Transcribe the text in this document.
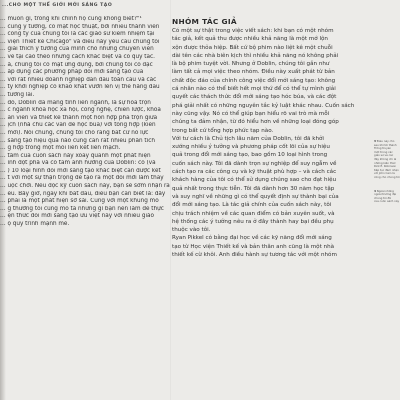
...CHO MỘT THẾ GIỚI MỚI SÁNG TẠO
… muốn gì, trong khi chính họ cũng không biết?"¹
… cũng ý tưởng, cô mặt học thuật, bởi nhiều thành viên
… công ty của chúng tôi là các giáo sư kiêm nhiệm tại
… viện Thiết kế Chicago" và điều này yêu cầu chúng tôi
… giải thích ý tưởng của mình cho những chuyên viên
… về tại cao theo những cách khác biệt và có quy tắc.
… á, chúng tôi có mặt ứng dụng, bởi chúng tôi có đặc
… áp dụng các phương pháp đổi mới sáng tạo của
… với rất nhiều doanh nghiệp dẫn đầu toàn cầu và các
… ty khởi nghiệp có khao khát vươn lên vị thế hàng đầu
… tương lai.
… đó, Doblin đã mang tính liên ngành, là sự hòa trộn
… c ngành khoa học xã hội, công nghệ, chiến lược, khoa
… ản viên và thiết kế thành một hỗn hợp pha trộn giữa
… ịch (nhà chủ các vấn đề học bủa) với tổng hợp (kiến
… mới). Nói chung, chúng tôi cho rằng bất cứ nỗ lực
… sáng tạo hiệu quả nào cũng cần rất nhiều phân tích
… g hợp trong một mối liên kết liên mạch.
… tâm của cuốn sách này xoay quanh một phát hiện
… ính đột phá và có tầm ảnh hưởng của Doblin: có (và
… ) 10 loại hình đổi mới sáng tạo khác biệt cần được kết
… t với một sự thận trọng để tạo ra một đổi mới làm thay
… uộc chơi. Nếu đọc kỹ cuốn sách này, bạn sẽ sớm nhận ra
… ều. Bây giờ, ngay khi bắt đầu, điều bạn cần biết là: đây
… phải là một phát hiện sơ sài. Cũng với một khung mô
… g thường tồi cùng mô tả những gì bạn nên làm để thực
… ện thức đổi mới sáng tạo ưu việt này với nhiều giáo
… ộ quy trình mạnh mẽ.
NHÓM TÁC GIẢ
Có một sự thật trong việc viết sách: khi bạn có một nhóm
tác giả, kết quả thu được nhiều khả năng là một mớ lộn
xộn được thỏa hiệp. Bất cứ bộ phim nào liệt kê một chuỗi
dài tên các nhà biên kịch thì nhiều khả năng nó không phải
là bộ phim tuyệt vời. Nhưng ở Doblin, chúng tôi gắn như
làm tất cả mọi việc theo nhóm. Điều này xuất phát từ bản
chất độc đáo của chính công việc đổi mới sáng tạo: không
cá nhân nào có thể biết hết mọi thứ để có thể tự mình giải
quyết các thách thức đổi mới sáng tạo hóc búa, và các đột
phá giải nhất có những nguyên tắc kỷ luật khác nhau. Cuốn sách
này cũng vậy. Nó có thể giúp bạn hiểu rõ vai trò mà mỗi
chúng ta đảm nhận, từ đó hiểu hơn về những loại đóng góp
trong bất cứ tổng hợp phức tạp nào.
Với tư cách là Chủ tịch lâu năm của Doblin, tôi đã khởi
xướng nhiều ý tưởng và phương pháp cốt lõi của sự hiệu
quả trong đổi mới sáng tạo, bao gồm 10 loại hình trong
cuốn sách này. Tôi đã dành trọn sự nghiệp để suy ngẫm về
cách tạo ra các công cụ và kỹ thuật phù hợp – và cách các
khách hàng của tôi có thể sử dụng chúng sao cho đạt hiệu
quả nhất trong thực tiễn. Tôi đã dành hơn 30 năm học tập
và suy nghĩ về những gì có thể quyết định sự thành bại của
đổi mới sáng tạo. Là tác giả chính của cuốn sách này, tôi
chịu trách nhiệm về các quan điểm có bản xuyên suốt, và
hệ thống các ý tưởng nêu ra ở đây thành hay bại đều phụ
thuộc vào tôi.
Ryan Pikkel có bằng đại học về các kỹ năng đổi mới sáng
tạo từ Học viện Thiết kế và bản thân anh cũng là một nhà
thiết kế cừ khôi. Anh điều hành sự tương tác với một nhóm
3 Điều này cho
sau khi tôi thành
Trống truyền
một trong các
giáo sư về các
đây không chỉ là
những kiến thức
Rick E. Robinson
tiếp tục đảm nhận
với John Cain là
cũng cho chúng tôi
4 Ngoài những
ngoài trường đại
chúng tôi đã
của cuốn sách này
